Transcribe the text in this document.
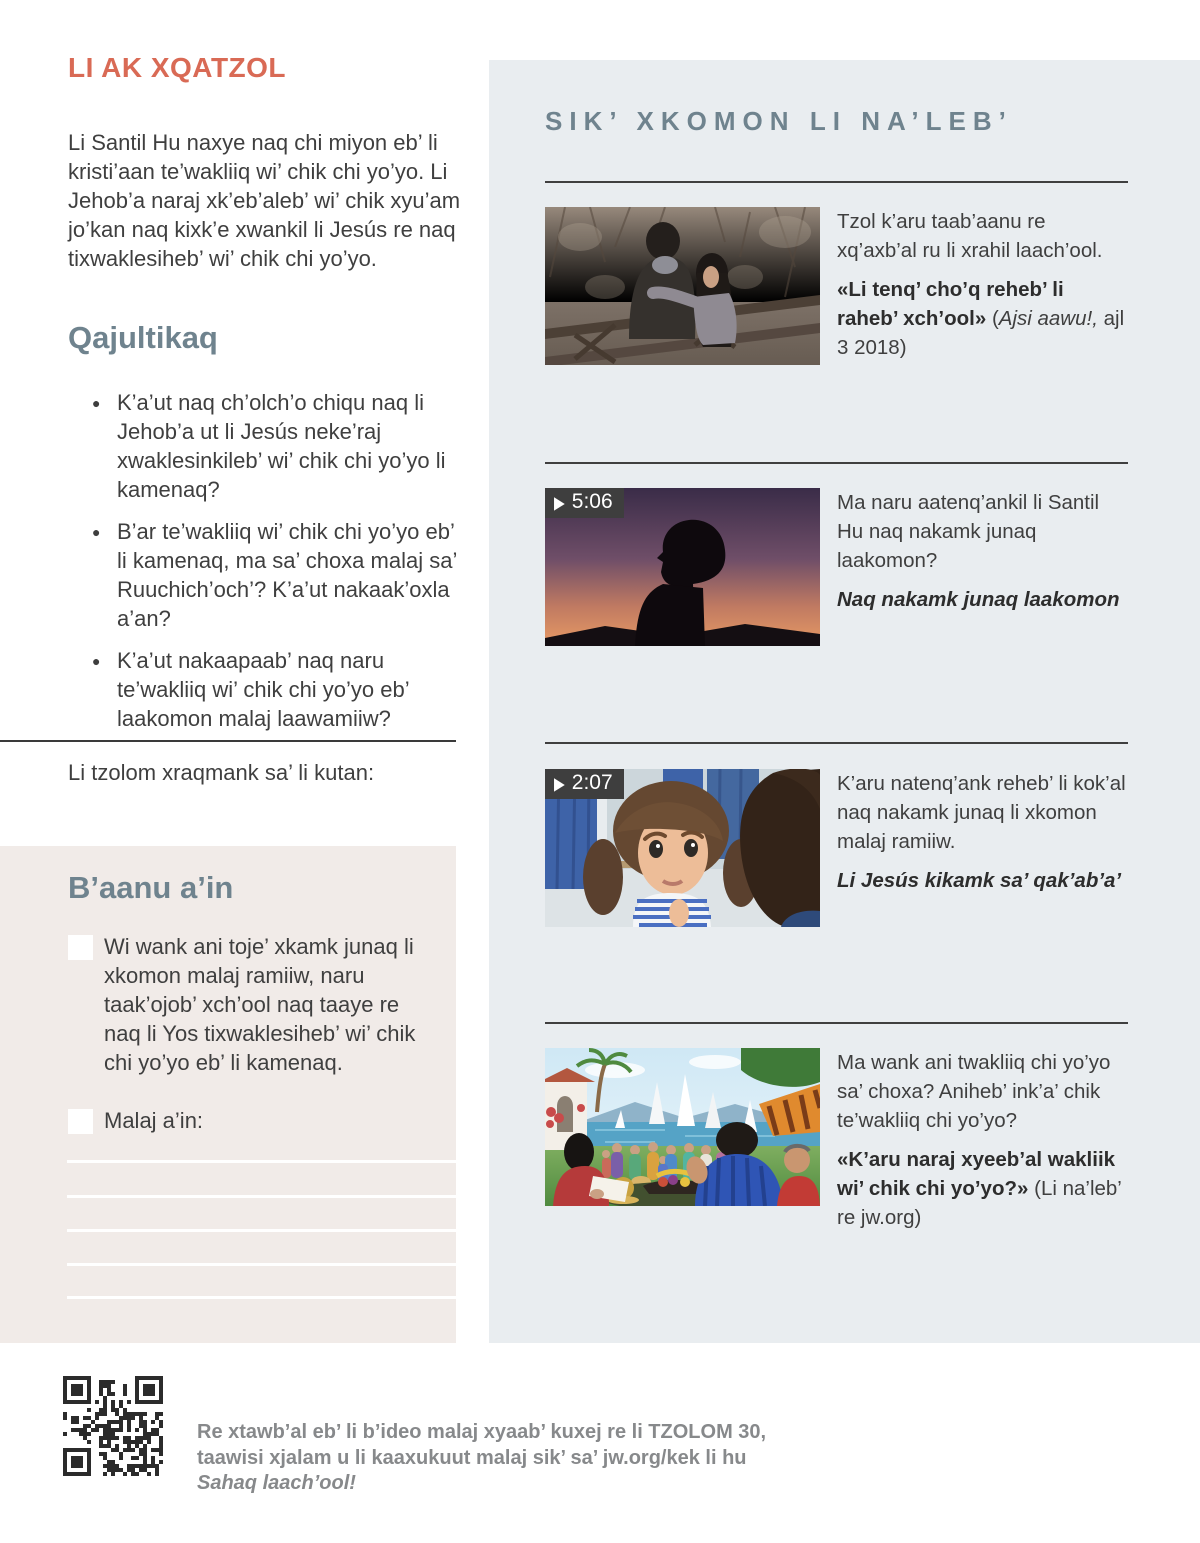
LI AK XQATZOL

Li Santil Hu naxye naq chi miyon eb’ li kristi’aan te’wakliiq wi’ chik chi yo’yo. Li Jehob’a naraj xk’eb’aleb’ wi’ chik xyu’am jo’kan naq kixk’e xwankil li Jesús re naq tixwaklesiheb’ wi’ chik chi yo’yo.

Qajultikaq
● K’a’ut naq ch’olch’o chiqu naq li Jehob’a ut li Jesús neke’raj xwaklesinkileb’ wi’ chik chi yo’yo li kamenaq?
● B’ar te’wakliiq wi’ chik chi yo’yo eb’ li kamenaq, ma sa’ choxa malaj sa’ Ruuchich’och’? K’a’ut nakaak’oxla a’an?
● K’a’ut nakaapaab’ naq naru te’wakliiq wi’ chik chi yo’yo eb’ laakomon malaj laawamiiw?
Li tzolom xraqmank sa’ li kutan:
B’aanu a’in
Wi wank ani toje’ xkamk junaq li xkomon malaj ramiiw, naru taak’ojob’ xch’ool naq taaye re naq li Yos tixwaklesiheb’ wi’ chik chi yo’yo eb’ li kamenaq.
Malaj a’in:
SIK’ XKOMON LI NA’LEB’

Tzol k’aru taab’aanu re xq’axb’al ru li xrahil laach’ool.

«Li tenq’ cho’q reheb’ li raheb’ xch’ool» (Ajsi aawu!, ajl 3 2018)

▶ 5:06	Ma naru aatenq’ankil li Santil Hu naq nakamk junaq laakomon?

Naq nakamk junaq laakomon

▶ 2:07	K’aru natenq’ank reheb’ li kok’al naq nakamk junaq li xkomon malaj ramiiw.

Li Jesús kikamk sa’ qak’ab’a’

Ma wank ani twakliiq chi yo’yo sa’ choxa? Aniheb’ ink’a’ chik te’wakliiq chi yo’yo?

«K’aru naraj xyeeb’al wakliik wi’ chik chi yo’yo?» (Li na’leb’ re jw.org)

Re xtawb’al eb’ li b’ideo malaj xyaab’ kuxej re li TZOLOM 30, taawisi xjalam u li kaaxukuut malaj sik’ sa’ jw.org/kek li hu Sahaq laach’ool!
